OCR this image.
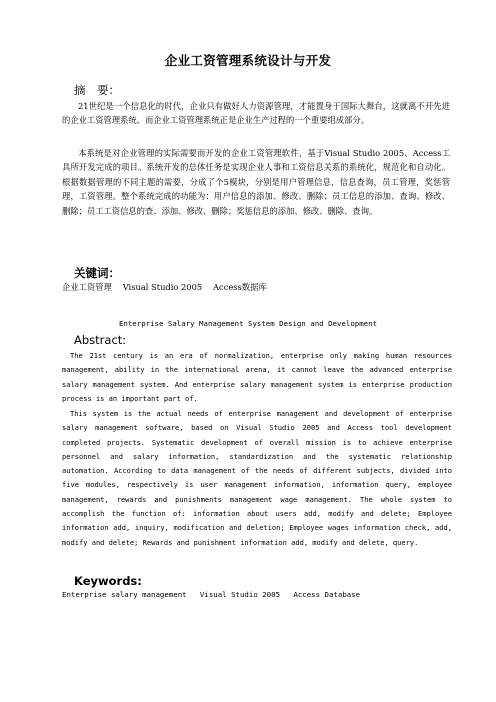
企业工资管理系统设计与开发
摘　要：

21世纪是一个信息化的时代，企业只有做好人力资源管理，才能置身于国际大舞台，这就离不开先进的企业工资管理系统。而企业工资管理系统正是企业生产过程的一个重要组成部分。

本系统是对企业管理的实际需要而开发的企业工资管理软件，基于Visual Studio 2005、Access工具所开发完成的项目。系统开发的总体任务是实现企业人事和工资信息关系的系统化，规范化和自动化。根据数据管理的不同主题的需要，分成了个5模块，分别是用户管理信息，信息查询，员工管理，奖惩管理，工资管理。整个系统完成的功能为：用户信息的添加、修改、删除；员工信息的添加、查询、修改、删除；员工工资信息的查、添加、修改、删除；奖惩信息的添加、修改、删除、查询。

关键词：
企业工资管理　 Visual Studio 2005　 Access数据库
Enterprise Salary Management System Design and Development
Abstract:

The 21st century is an era of normalization, enterprise only making human resources management, ability in the international arena, it cannot leave the advanced enterprise salary management system. And enterprise salary management system is enterprise production process is an important part of.

This system is the actual needs of enterprise management and development of enterprise salary management software, based on Visual Studio 2005 and Access tool development completed projects. Systematic development of overall mission is to achieve enterprise personnel and salary information, standardization and the systematic relationship automation. According to data management of the needs of different subjects, divided into five modules, respectively is user management information, information query, employee management, rewards and punishments management wage management. The whole system to accomplish the function of: information about users add, modify and delete; Employee information add, inquiry, modification and deletion; Employee wages information check, add, modify and delete; Rewards and punishment information add, modify and delete, query.

Keywords:
Enterprise salary management   Visual Studio 2005   Access Database
